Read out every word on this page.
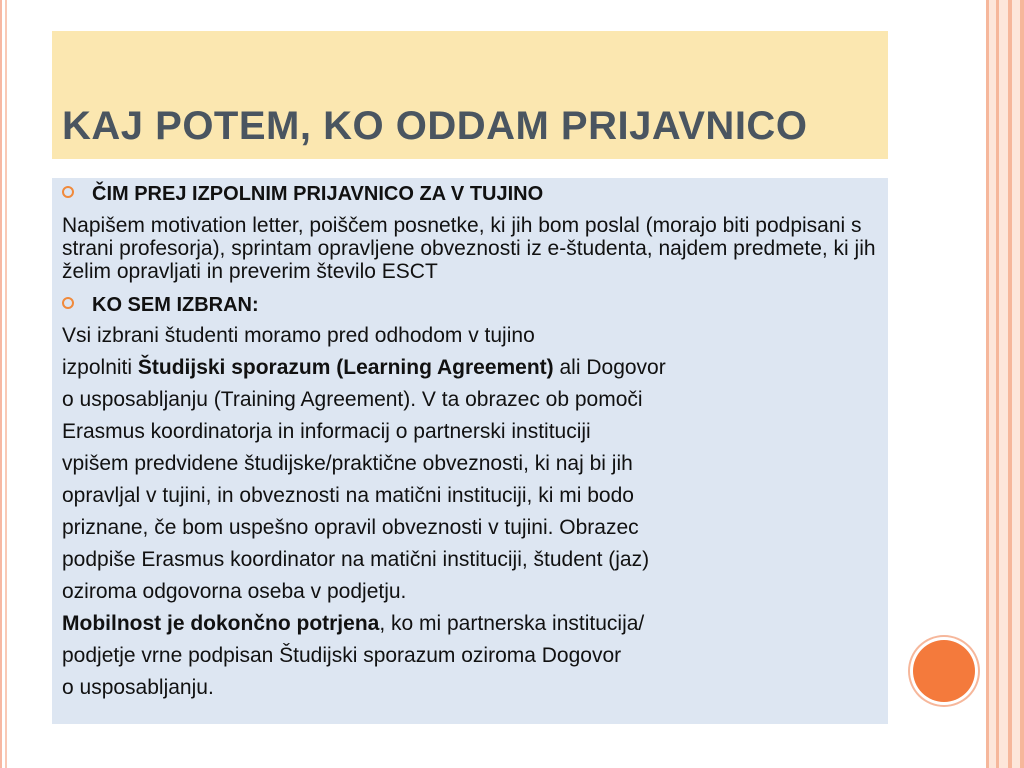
KAJ POTEM, KO ODDAM PRIJAVNICO

ČIM PREJ IZPOLNIM PRIJAVNICO ZA V TUJINO

Napišem motivation letter, poiščem posnetke, ki jih bom poslal (morajo biti podpisani s strani profesorja), sprintam opravljene obveznosti iz e-študenta, najdem predmete, ki jih želim opravljati in preverim število ESCT

KO SEM IZBRAN:

Vsi izbrani študenti moramo pred odhodom v tujino

izpolniti Študijski sporazum (Learning Agreement) ali Dogovor

o usposabljanju (Training Agreement). V ta obrazec ob pomoči

Erasmus koordinatorja in informacij o partnerski instituciji

vpišem predvidene študijske/praktične obveznosti, ki naj bi jih

opravljal v tujini, in obveznosti na matični instituciji, ki mi bodo

priznane, če bom uspešno opravil obveznosti v tujini. Obrazec

podpiše Erasmus koordinator na matični instituciji, študent (jaz)

oziroma odgovorna oseba v podjetju.

Mobilnost je dokončno potrjena, ko mi partnerska institucija/

podjetje vrne podpisan Študijski sporazum oziroma Dogovor

o usposabljanju.
